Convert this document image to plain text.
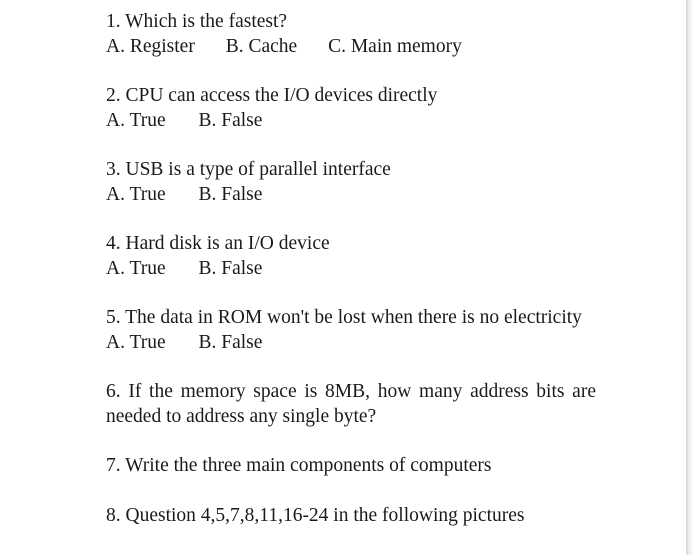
1. Which is the fastest?
A. Register B. Cache C. Main memory
2. CPU can access the I/O devices directly
A. True B. False
3. USB is a type of parallel interface
A. True B. False
4. Hard disk is an I/O device
A. True B. False
5. The data in ROM won't be lost when there is no electricity
A. True B. False
6. If the memory space is 8MB, how many address bits are needed to address any single byte?
7. Write the three main components of computers
8. Question 4,5,7,8,11,16-24 in the following pictures
